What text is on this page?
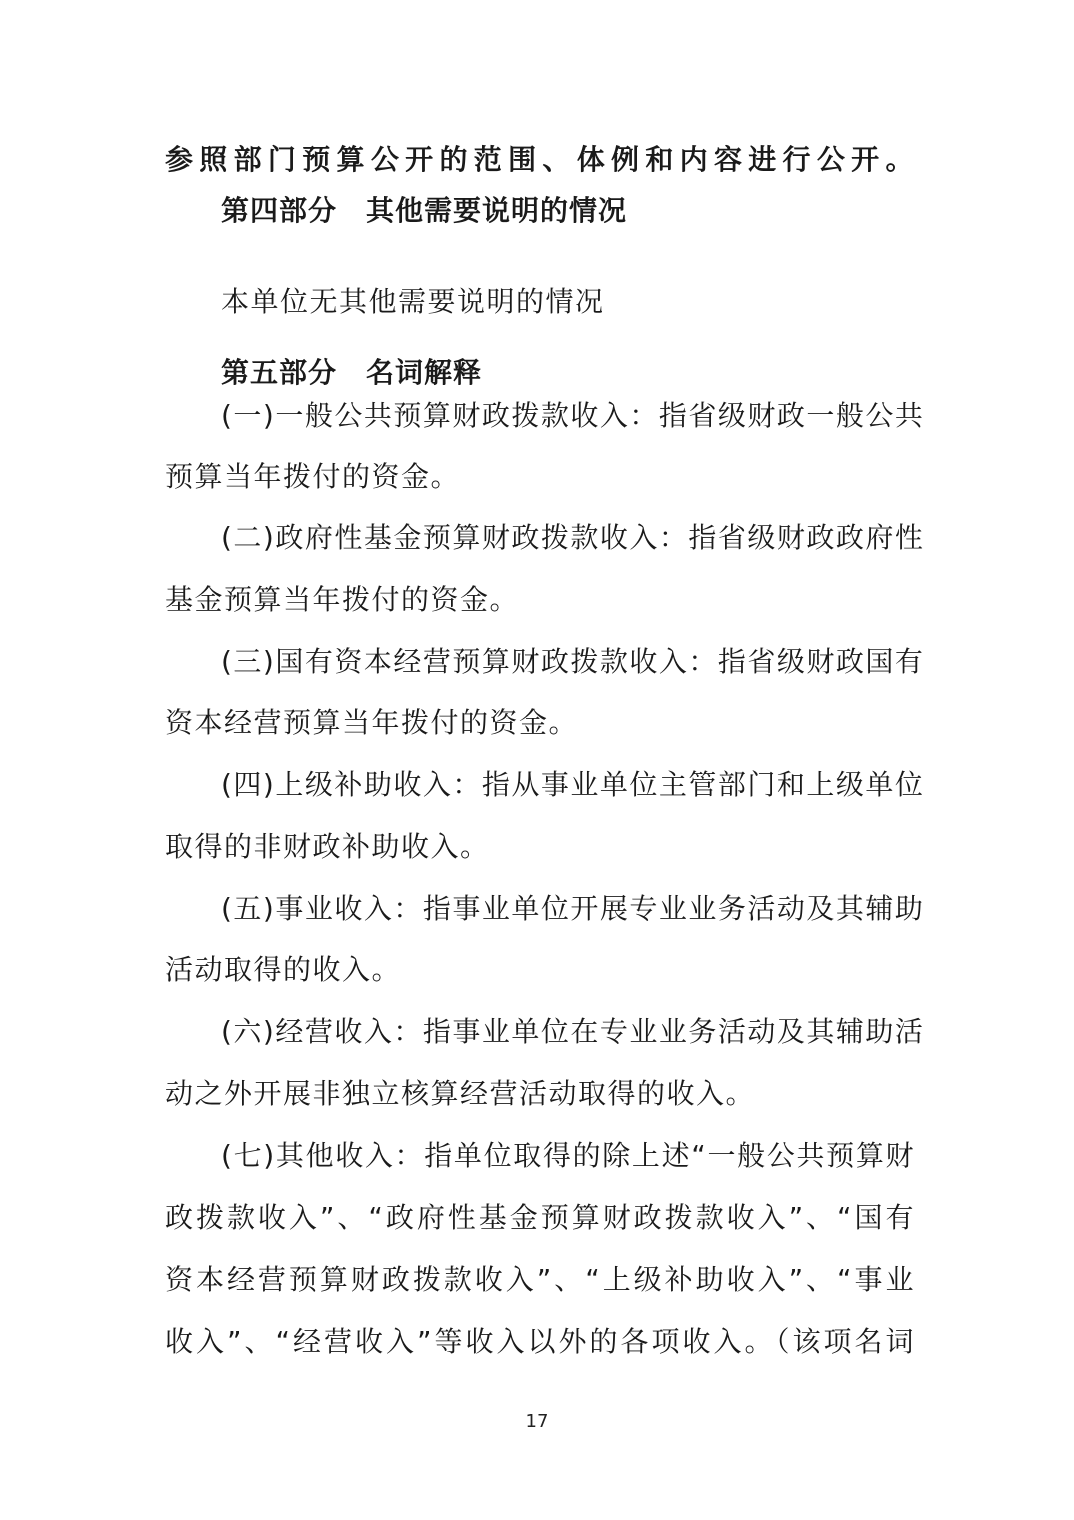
参照部门预算公开的范围、体例和内容进行公开。
第四部分　其他需要说明的情况
本单位无其他需要说明的情况
第五部分　名词解释
(一)一般公共预算财政拨款收入：指省级财政一般公共
预算当年拨付的资金。
(二)政府性基金预算财政拨款收入：指省级财政政府性
基金预算当年拨付的资金。
(三)国有资本经营预算财政拨款收入：指省级财政国有
资本经营预算当年拨付的资金。
(四)上级补助收入：指从事业单位主管部门和上级单位
取得的非财政补助收入。
(五)事业收入：指事业单位开展专业业务活动及其辅助
活动取得的收入。
(六)经营收入：指事业单位在专业业务活动及其辅助活
动之外开展非独立核算经营活动取得的收入。
(七)其他收入：指单位取得的除上述“一般公共预算财
政拨款收入”、“政府性基金预算财政拨款收入”、“国有
资本经营预算财政拨款收入”、“上级补助收入”、“事业
收入”、“经营收入”等收入以外的各项收入。（该项名词
17
